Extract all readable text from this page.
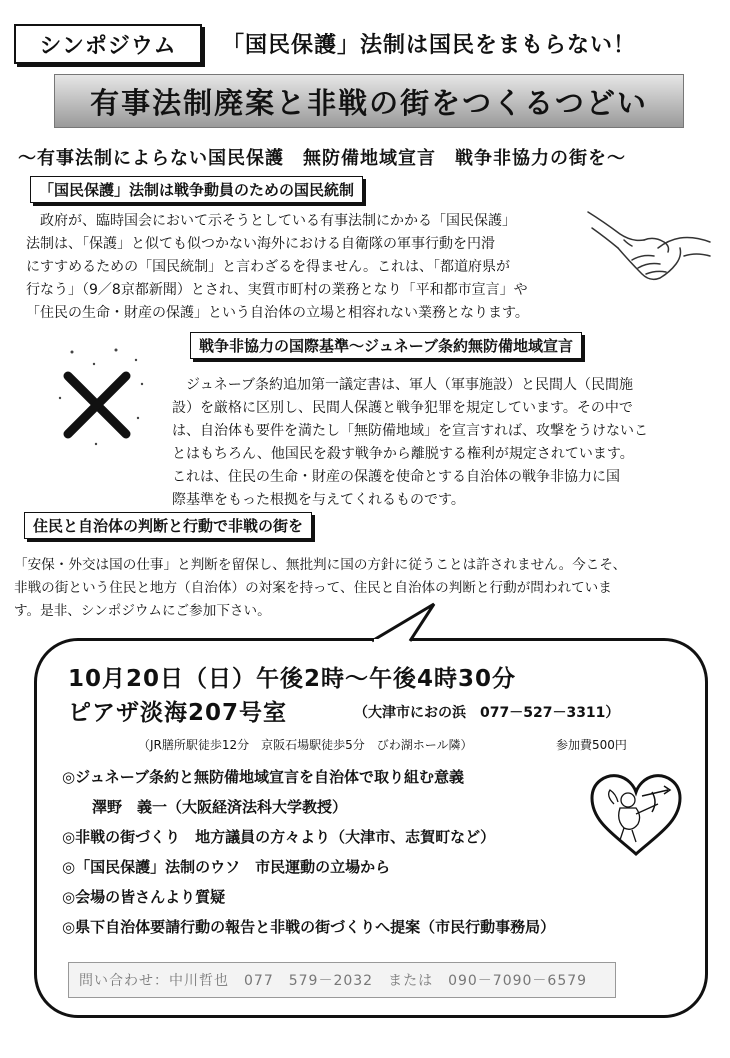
シンポジウム	「国民保護」法制は国民をまもらない！
有事法制廃案と非戦の街をつくるつどい
～有事法制によらない国民保護　無防備地域宣言　戦争非協力の街を～
「国民保護」法制は戦争動員のための国民統制
　政府が、臨時国会において示そうとしている有事法制にかかる「国民保護」
法制は、「保護」と似ても似つかない海外における自衛隊の軍事行動を円滑
にすすめるための「国民統制」と言わざるを得ません。これは、「都道府県が
行なう」（9／8京都新聞）とされ、実質市町村の業務となり「平和都市宣言」や
「住民の生命・財産の保護」という自治体の立場と相容れない業務となります。
戦争非協力の国際基準～ジュネーブ条約無防備地域宣言
　ジュネーブ条約追加第一議定書は、軍人（軍事施設）と民間人（民間施
設）を厳格に区別し、民間人保護と戦争犯罪を規定しています。その中で
は、自治体も要件を満たし「無防備地域」を宣言すれば、攻撃をうけないこ
とはもちろん、他国民を殺す戦争から離脱する権利が規定されています。
これは、住民の生命・財産の保護を使命とする自治体の戦争非協力に国
際基準をもった根拠を与えてくれるものです。
住民と自治体の判断と行動で非戦の街を
「安保・外交は国の仕事」と判断を留保し、無批判に国の方針に従うことは許されません。今こそ、
非戦の街という住民と地方（自治体）の対案を持って、住民と自治体の判断と行動が問われていま
す。是非、シンポジウムにご参加下さい。
10月20日（日）午後2時～午後4時30分
ピアザ淡海207号室	（大津市におの浜　077－527－3311）
（JR膳所駅徒歩12分　京阪石場駅徒歩5分　びわ湖ホール隣）	参加費500円
◎ジュネーブ条約と無防備地域宣言を自治体で取り組む意義
　　澤野　義一（大阪経済法科大学教授）
◎非戦の街づくり　地方議員の方々より（大津市、志賀町など）
◎「国民保護」法制のウソ　市民運動の立場から
◎会場の皆さんより質疑
◎県下自治体要請行動の報告と非戦の街づくりへ提案（市民行動事務局）
問い合わせ：中川哲也　077　579－2032　または　090－7090－6579
